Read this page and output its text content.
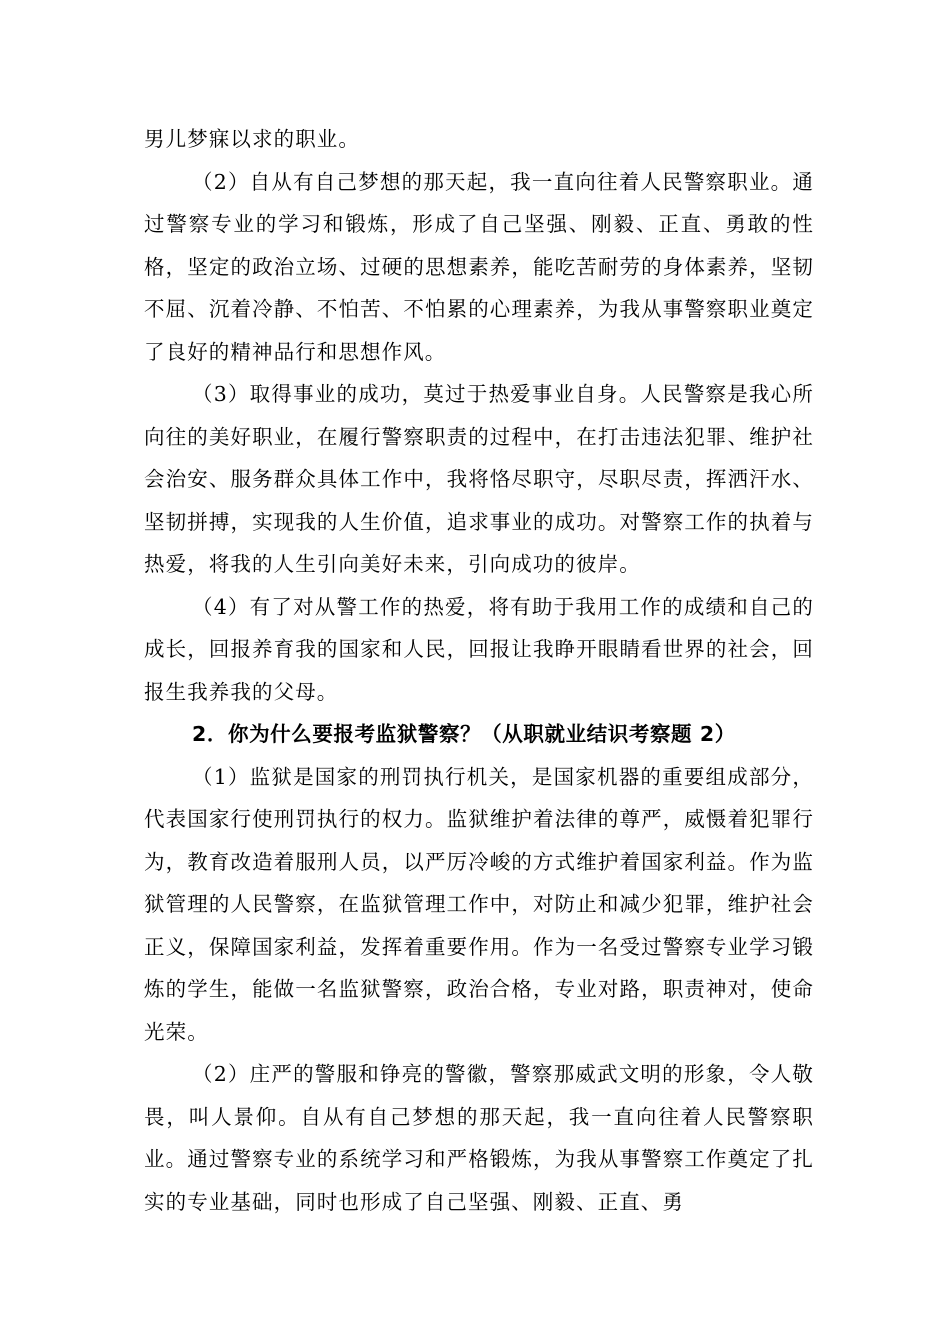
男儿梦寐以求的职业。

（2）自从有自己梦想的那天起，我一直向往着人民警察职业。通过警察专业的学习和锻炼，形成了自己坚强、刚毅、正直、勇敢的性格，坚定的政治立场、过硬的思想素养，能吃苦耐劳的身体素养，坚韧不屈、沉着冷静、不怕苦、不怕累的心理素养，为我从事警察职业奠定了良好的精神品行和思想作风。

（3）取得事业的成功，莫过于热爱事业自身。人民警察是我心所向往的美好职业，在履行警察职责的过程中，在打击违法犯罪、维护社会治安、服务群众具体工作中，我将恪尽职守，尽职尽责，挥洒汗水、坚韧拼搏，实现我的人生价值，追求事业的成功。对警察工作的执着与热爱，将我的人生引向美好未来，引向成功的彼岸。

（4）有了对从警工作的热爱，将有助于我用工作的成绩和自己的成长，回报养育我的国家和人民，回报让我睁开眼睛看世界的社会，回报生我养我的父母。

2．你为什么要报考监狱警察？（从职就业结识考察题 2）

（1）监狱是国家的刑罚执行机关，是国家机器的重要组成部分，代表国家行使刑罚执行的权力。监狱维护着法律的尊严，威慑着犯罪行为，教育改造着服刑人员，以严厉冷峻的方式维护着国家利益。作为监狱管理的人民警察，在监狱管理工作中，对防止和减少犯罪，维护社会正义，保障国家利益，发挥着重要作用。作为一名受过警察专业学习锻炼的学生，能做一名监狱警察，政治合格，专业对路，职责神对，使命光荣。

（2）庄严的警服和铮亮的警徽，警察那威武文明的形象，令人敬畏，叫人景仰。自从有自己梦想的那天起，我一直向往着人民警察职业。通过警察专业的系统学习和严格锻炼，为我从事警察工作奠定了扎实的专业基础，同时也形成了自己坚强、刚毅、正直、勇
